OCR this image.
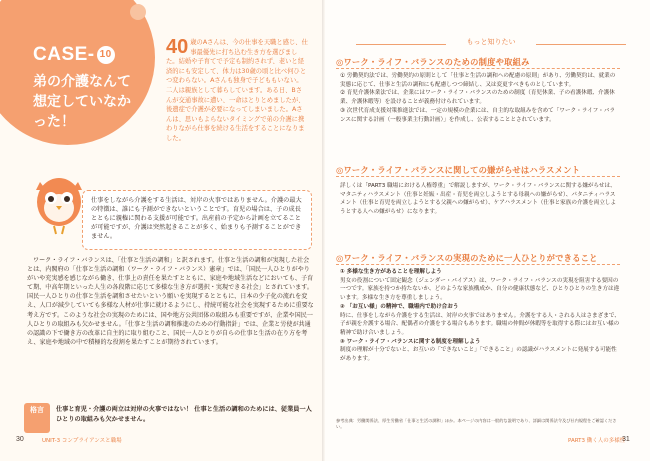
CASE- 10
弟の介護なんて想定していなかった！
40 歳のAさんは、今の仕事を天職と感じ、仕事最優先に打ち込む生き方を選びました。結婚や子育てで予定も制約されず、老いと経済的にも安定して、体力は30歳の頃と比べ何ひとつ変わらない。Aさんも独身で子どももいない。二人は親族として暮らしています。ある日、Bさんが交通事故に遭い、一命はとりとめましたが、後遺症で介護が必要になってしまいました。Aさんは、思いもよらないタイミングで弟の介護に携わりながら仕事を続ける生活をすることになりました。
仕事をしながら介護をする生活は、対岸の火事ではありません。介護の最大の特徴は、誰にも予測ができないということです。育児の場合は、子の成長とともに親権に関わる支援が可能です。出産前の予定から計画を立てることが可能ですが、介護は突然起きることが多く、始まりも予測することができません。
ワーク・ライフ・バランスは、「仕事と生活の調和」と訳されます。仕事と生活の調和が実現した社会とは、内閣府の「仕事と生活の調和（ワーク・ライフ・バランス）憲章」では、「国民一人ひとりがやりがいや充実感を感じながら働き、仕事上の責任を果たすとともに、家庭や地域生活などにおいても、子育て期、中高年期といった人生の各段階に応じて多様な生き方が選択・実現できる社会」とされています。国民一人ひとりの仕事と生活を調和させたいという願いを実現するとともに、日本の少子化の流れを変え、人口が減少していても多様な人材が仕事に就けるようにし、持続可能な社会を実現するために重要な考え方です。このような社会の実現のためには、国や地方公共団体の取組みも重要ですが、企業や国民一人ひとりの取組みも欠かせません。「仕事と生活の調和推進のための行動指針」では、企業と労使が共通の認識の下で働き方の改革に自主的に取り組むこと、国民一人ひとりが自らの仕事と生活の在り方を考え、家庭や地域の中で積極的な役割を果たすことが期待されています。
格言	仕事と育児・介護の両立は対岸の火事ではない！ 仕事と生活の調和のためには、従業員一人ひとりの取組みも欠かせません。
30	UNIT-3 コンプライアンスと職場
もっと知りたい
◎ワーク・ライフ・バランスのための制度や取組み
① 労働契約法では、労働契約の原則として「仕事と生活の調和への配慮の原則」があり、労働契約は、就業の実態に応じて、仕事と生活の調和にも配慮しつつ締結し、又は変更すべきものとしています。
② 育児介護休業法では、企業にはワーク・ライフ・バランスのための制度（育児休業、子の看護休暇、介護休業、介護休暇等）を設けることが義務付けられています。
③ 次世代育成支援対策推進法では、一定の規模の企業には、自主的な取組みを含めて「ワーク・ライフ・バランスに関する計画（一般事業主行動計画）」を作成し、公表することとされています。
◎ワーク・ライフ・バランスに関しての嫌がらせはハラスメント
詳しくは「PART3 職場における人権尊重」で解説しますが、ワーク・ライフ・バランスに関する嫌がらせは、マタニティハラスメント（仕事と妊娠・出産・育児を両立しようとする母親への嫌がらせ）、パタニティハラスメント（仕事と育児を両立しようとする父親への嫌がらせ）、ケアハラスメント（仕事と家族の介護を両立しようとする人への嫌がらせ）になります。
◎ワーク・ライフ・バランスの実現のために一人ひとりができること
① 多様な生き方があることを理解しよう
男女の役割について固定観念（ジェンダー・バイアス）は、ワーク・ライフ・バランスの実現を阻害する要因の一つです。家族を持つか持たないか、どのような家族構成か、自分の健康状態など、ひとりひとりの生き方は違います。多様な生き方を尊重しましょう。
② 「お互い様」の精神で、職場内で助け合おう
時に、仕事をしながら介護をする生活は、対岸の火事ではありません。介護をする人・される人はさまざまで、子が親を介護する場合、配偶者の介護をする場合もあります。職場の仲間が休暇等を取得する際にはお互い様の精神で助け合いましょう。
③ ワーク・ライフ・バランスに関する制度を理解しよう
制度の理解が十分でないと、お互いの「できないこと」「できること」の認識がハラスメントに発展する可能性があります。
参考出典：労働関係法、厚生労働省「仕事と生活の調和」ほか。本ページの内容は一般的な説明であり、詳細は関係法令及び社内規程をご確認ください。
PART3 働く人の多様性
31
